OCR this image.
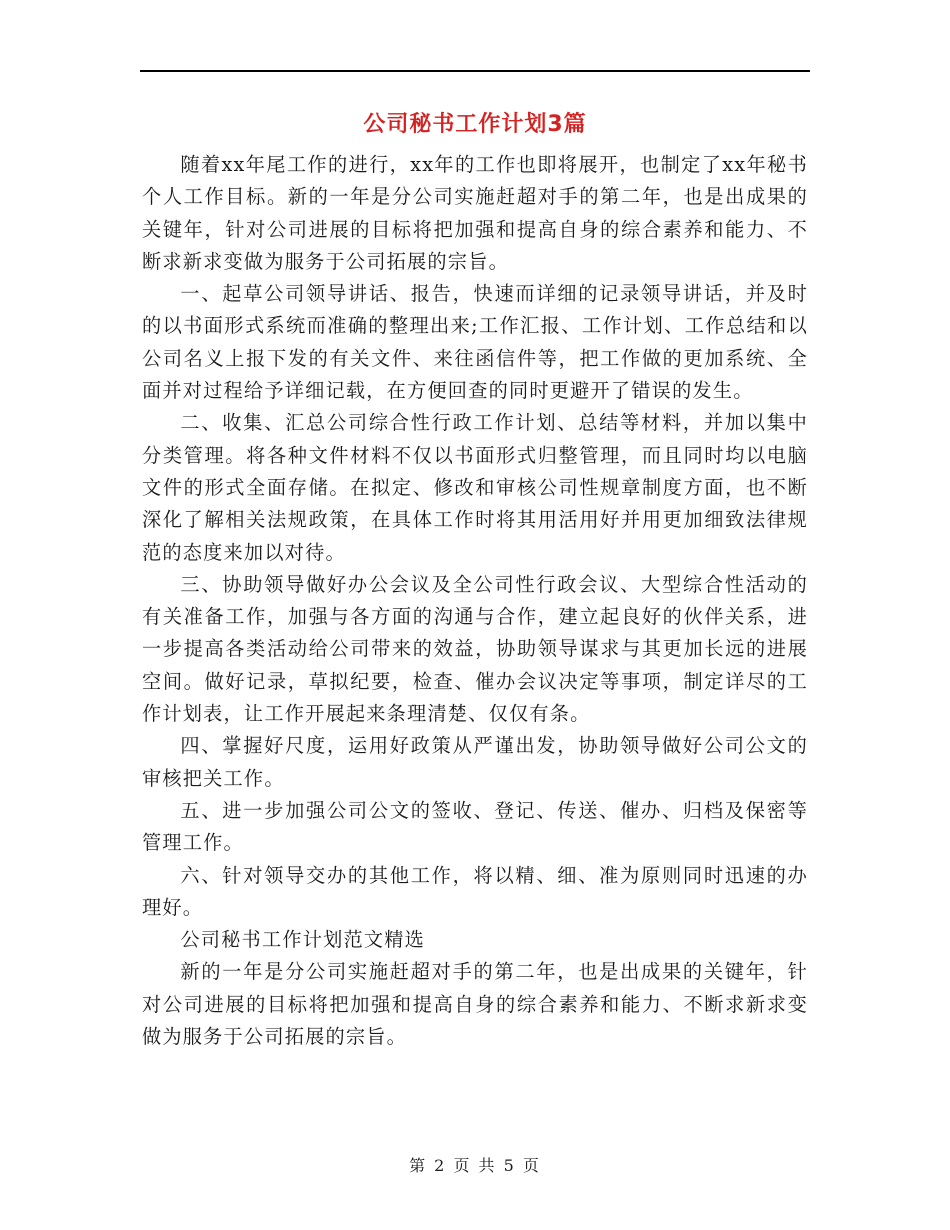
公司秘书工作计划3篇

随着xx年尾工作的进行，xx年的工作也即将展开，也制定了xx年秘书个人工作目标。新的一年是分公司实施赶超对手的第二年，也是出成果的关键年，针对公司进展的目标将把加强和提高自身的综合素养和能力、不断求新求变做为服务于公司拓展的宗旨。

一、起草公司领导讲话、报告，快速而详细的记录领导讲话，并及时的以书面形式系统而准确的整理出来;工作汇报、工作计划、工作总结和以公司名义上报下发的有关文件、来往函信件等，把工作做的更加系统、全面并对过程给予详细记载，在方便回查的同时更避开了错误的发生。

二、收集、汇总公司综合性行政工作计划、总结等材料，并加以集中分类管理。将各种文件材料不仅以书面形式归整管理，而且同时均以电脑文件的形式全面存储。在拟定、修改和审核公司性规章制度方面，也不断深化了解相关法规政策，在具体工作时将其用活用好并用更加细致法律规范的态度来加以对待。

三、协助领导做好办公会议及全公司性行政会议、大型综合性活动的有关准备工作，加强与各方面的沟通与合作，建立起良好的伙伴关系，进一步提高各类活动给公司带来的效益，协助领导谋求与其更加长远的进展空间。做好记录，草拟纪要，检查、催办会议决定等事项，制定详尽的工作计划表，让工作开展起来条理清楚、仅仅有条。

四、掌握好尺度，运用好政策从严谨出发，协助领导做好公司公文的审核把关工作。

五、进一步加强公司公文的签收、登记、传送、催办、归档及保密等管理工作。

六、针对领导交办的其他工作，将以精、细、准为原则同时迅速的办理好。

公司秘书工作计划范文精选

新的一年是分公司实施赶超对手的第二年，也是出成果的关键年，针对公司进展的目标将把加强和提高自身的综合素养和能力、不断求新求变做为服务于公司拓展的宗旨。

第 2 页 共 5 页
